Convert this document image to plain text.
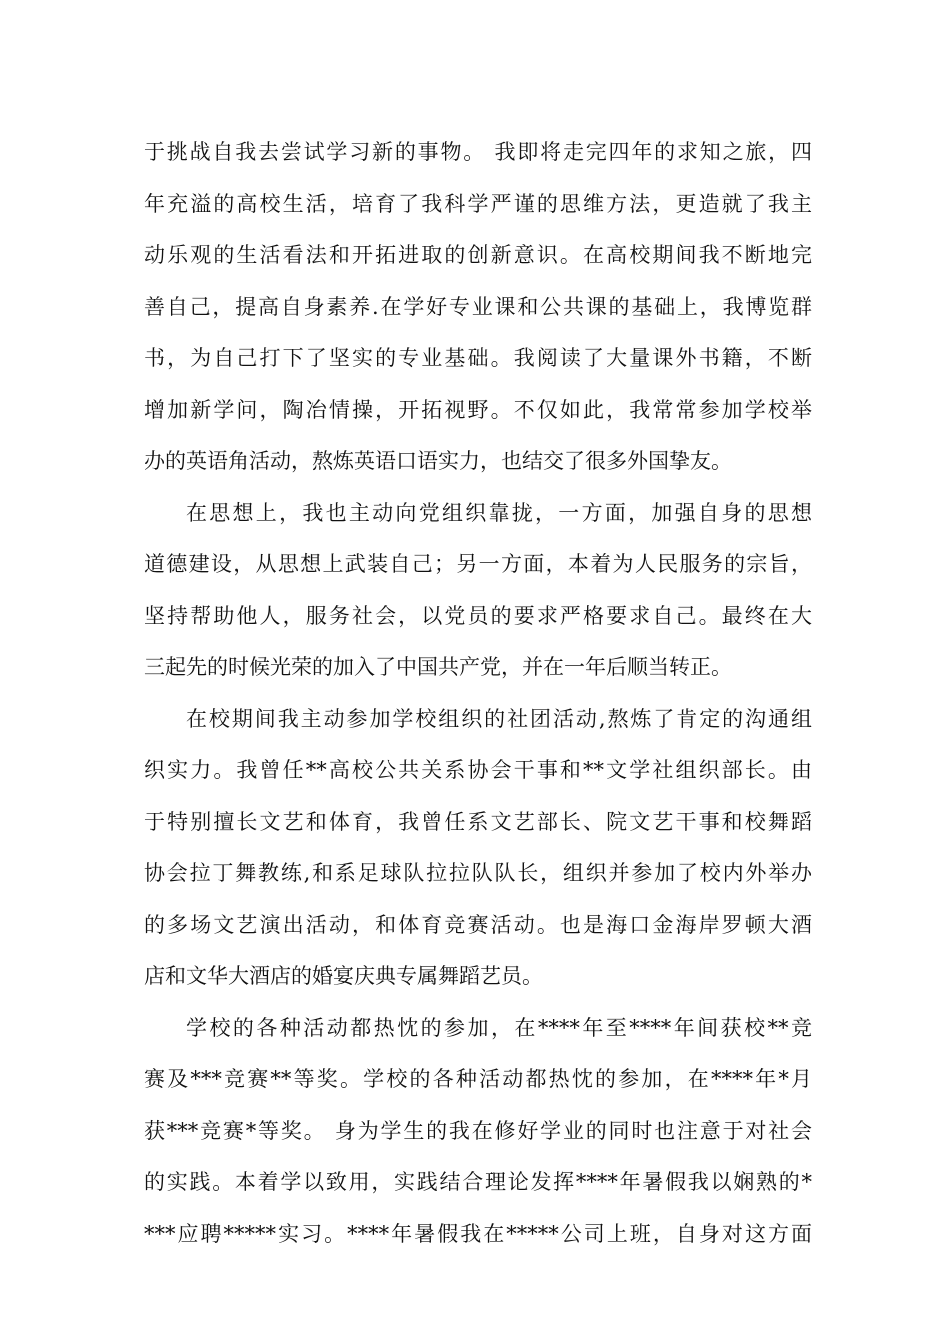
于挑战自我去尝试学习新的事物。 我即将走完四年的求知之旅，四
年充溢的高校生活，培育了我科学严谨的思维方法，更造就了我主
动乐观的生活看法和开拓进取的创新意识。在高校期间我不断地完
善自己，提高自身素养.在学好专业课和公共课的基础上，我博览群
书，为自己打下了坚实的专业基础。我阅读了大量课外书籍，不断
增加新学问，陶冶情操，开拓视野。不仅如此，我常常参加学校举
办的英语角活动，熬炼英语口语实力，也结交了很多外国挚友。
在思想上，我也主动向党组织靠拢，一方面，加强自身的思想
道德建设，从思想上武装自己；另一方面，本着为人民服务的宗旨，
坚持帮助他人，服务社会，以党员的要求严格要求自己。最终在大
三起先的时候光荣的加入了中国共产党，并在一年后顺当转正。
在校期间我主动参加学校组织的社团活动,熬炼了肯定的沟通组
织实力。我曾任**高校公共关系协会干事和**文学社组织部长。由
于特别擅长文艺和体育，我曾任系文艺部长、院文艺干事和校舞蹈
协会拉丁舞教练,和系足球队拉拉队队长，组织并参加了校内外举办
的多场文艺演出活动，和体育竞赛活动。也是海口金海岸罗顿大酒
店和文华大酒店的婚宴庆典专属舞蹈艺员。
学校的各种活动都热忱的参加，在****年至****年间获校**竞
赛及***竞赛**等奖。学校的各种活动都热忱的参加，在****年*月
获***竞赛*等奖。 身为学生的我在修好学业的同时也注意于对社会
的实践。本着学以致用，实践结合理论发挥****年暑假我以娴熟的*
***应聘*****实习。****年暑假我在*****公司上班，自身对这方面
